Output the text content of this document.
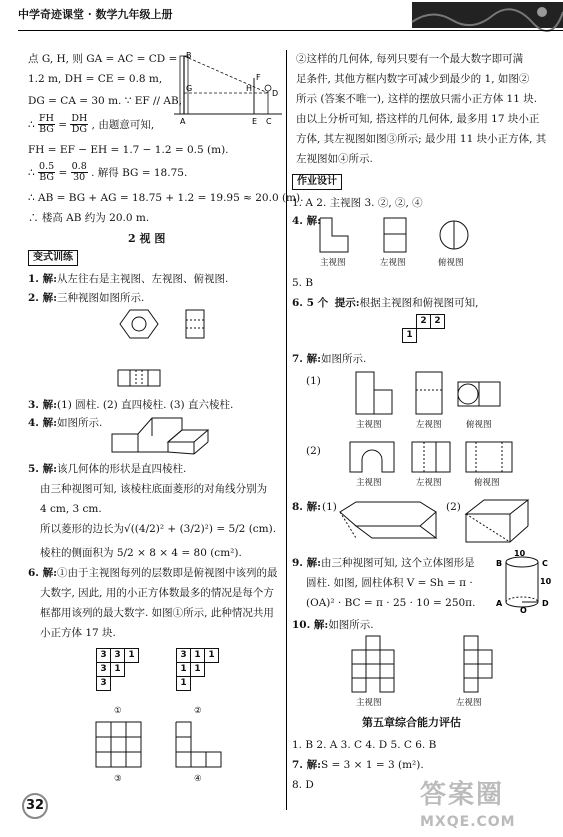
中学奇迹课堂 · 数学九年级上册
B
G	H
F
D
A	E C
点 G, H, 则 GA = AC = CD =
1.2 m, DH = CE = 0.8 m,
DG = CA = 30 m. ∵ EF // AB,
∴ $\frac{FH}{BG} = \frac{DH}{DG}$ , 由题意可知,
FH = EF − EH = 1.7 − 1.2 = 0.5 (m).
∴ $\frac{0.5}{BG} = \frac{0.8}{30}$ . 解得 BG = 18.75.
∴ AB = BG + AG = 18.75 + 1.2 = 19.95 ≈ 20.0 (m).
∴ 楼高 AB 约为 20.0 m.
2 视 图
变式训练
1. 解:从左往右是主视图、左视图、俯视图.
2. 解:三种视图如图所示.
3. 解:(1) 圆柱. (2) 直四棱柱. (3) 直六棱柱.
4. 解:如图所示.
5. 解:该几何体的形状是直四棱柱.
由三种视图可知, 该棱柱底面菱形的对角线分别为
4 cm, 3 cm.
所以菱形的边长为√((4/2)² + (3/2)²) = 5/2 (cm).
棱柱的侧面积为 5/2 × 8 × 4 = 80 (cm²).
6. 解:①由于主视图每列的层数即是俯视图中该列的最
大数字, 因此, 用的小正方体数最多的情况是每个方
框都用该列的最大数字. 如图①所示, 此种情况共用
小正方体 17 块.
3	3	1
3	1	
3		
①
3	1	1
1	1	
1		
②
③	④
②这样的几何体, 每列只要有一个最大数字即可满
足条件, 其他方框内数字可减少到最少的 1, 如图②
所示 (答案不唯一), 这样的摆放只需小正方体 11 块.
由以上分析可知, 搭这样的几何体, 最多用 17 块小正
方体, 其左视图如图③所示; 最少用 11 块小正方体, 其
左视图如④所示.
作业设计
1. A 2. 主视图 3. ②, ②, ④
4. 解:
主视图	左视图	俯视图
5. B
6. 5 个 提示:根据主视图和俯视图可知,
	2	2
1		
7. 解:如图所示.
(1)
主视图	左视图	俯视图
(2)
主视图	左视图	俯视图
8. 解: (1)	(2)
9. 解:由三种视图可知, 这个立体图形是
圆柱. 如图, 圆柱体积 V = Sh = π ·
(OA)² · BC = π · 25 · 10 = 250π.
10
10
B	C
A
O
D
10. 解:如图所示.
主视图	左视图
第五章综合能力评估
1. B 2. A 3. C 4. D 5. C 6. B
7. 解:S = 3 × 1 = 3 (m²).
8. D
32	答案圈
MXQE.COM
